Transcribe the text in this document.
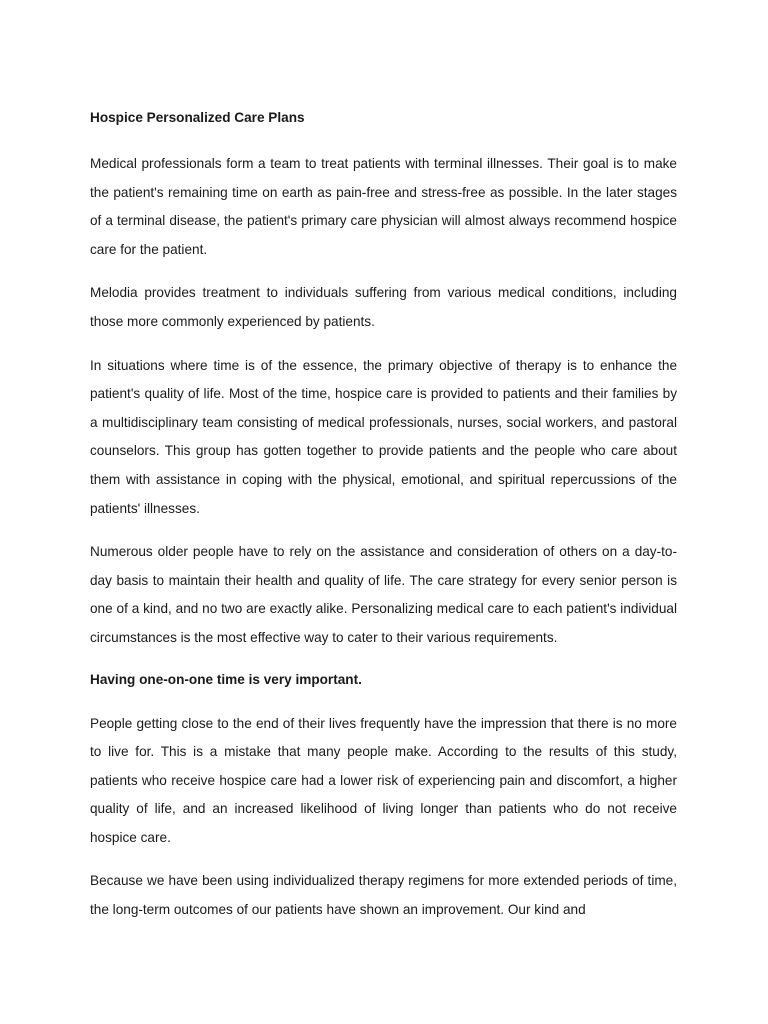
Hospice Personalized Care Plans

Medical professionals form a team to treat patients with terminal illnesses. Their goal is to make the patient's remaining time on earth as pain-free and stress-free as possible. In the later stages of a terminal disease, the patient's primary care physician will almost always recommend hospice care for the patient.

Melodia provides treatment to individuals suffering from various medical conditions, including those more commonly experienced by patients.

In situations where time is of the essence, the primary objective of therapy is to enhance the patient's quality of life. Most of the time, hospice care is provided to patients and their families by a multidisciplinary team consisting of medical professionals, nurses, social workers, and pastoral counselors. This group has gotten together to provide patients and the people who care about them with assistance in coping with the physical, emotional, and spiritual repercussions of the patients' illnesses.

Numerous older people have to rely on the assistance and consideration of others on a day-to-day basis to maintain their health and quality of life. The care strategy for every senior person is one of a kind, and no two are exactly alike. Personalizing medical care to each patient's individual circumstances is the most effective way to cater to their various requirements.

Having one-on-one time is very important.

People getting close to the end of their lives frequently have the impression that there is no more to live for. This is a mistake that many people make. According to the results of this study, patients who receive hospice care had a lower risk of experiencing pain and discomfort, a higher quality of life, and an increased likelihood of living longer than patients who do not receive hospice care.

Because we have been using individualized therapy regimens for more extended periods of time, the long-term outcomes of our patients have shown an improvement. Our kind and
